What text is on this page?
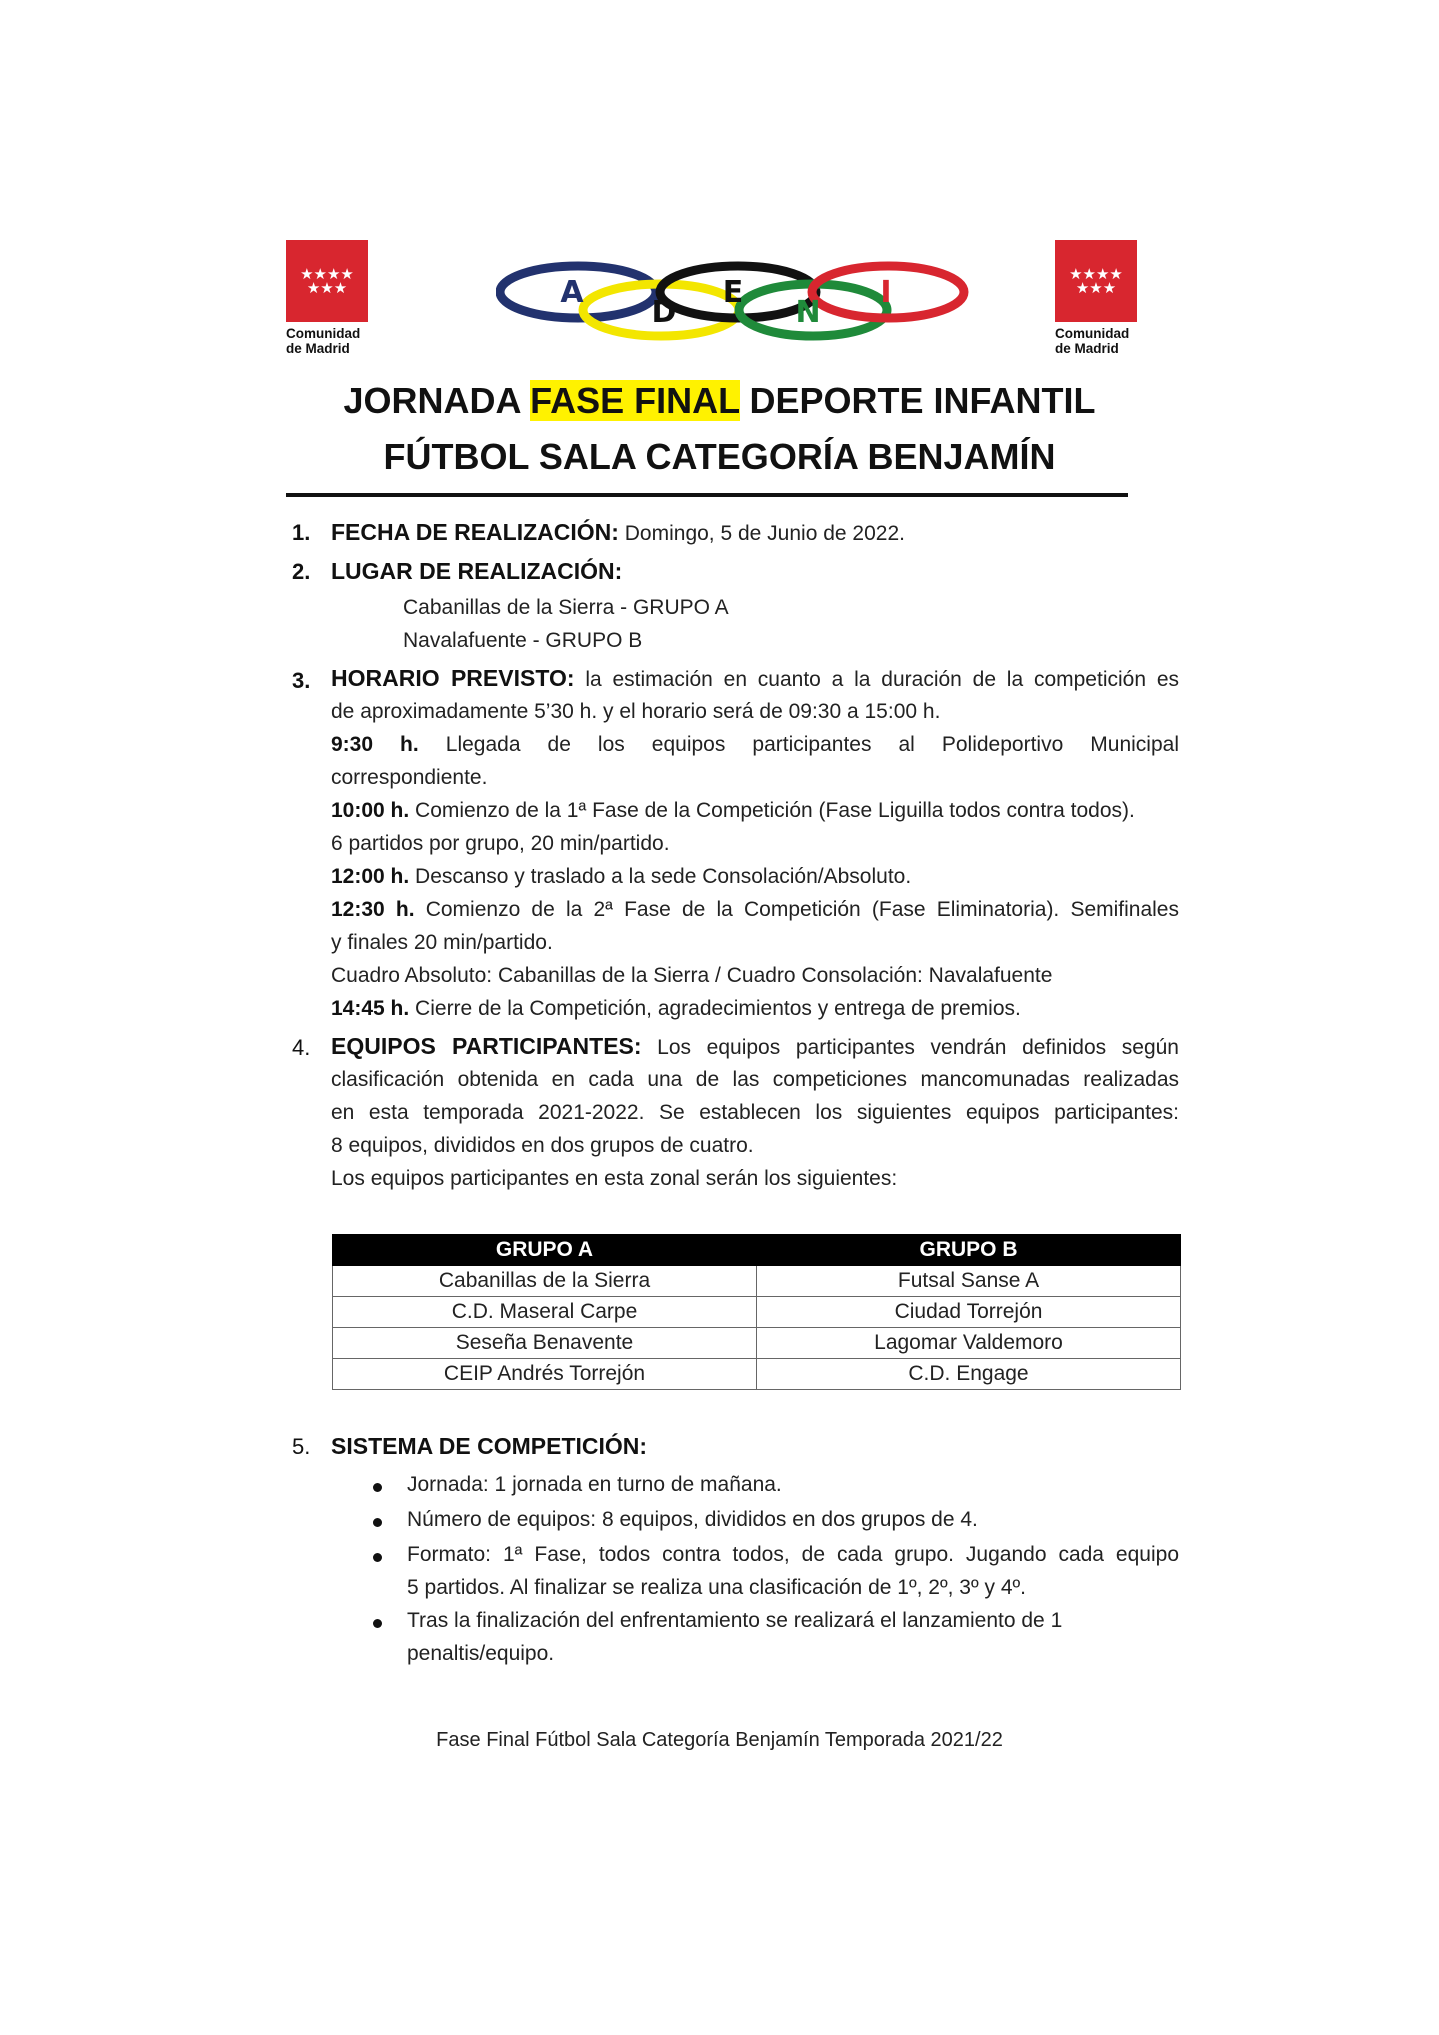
★★★★
★★★
Comunidad
de Madrid
A
D
E
N
I
★★★★
★★★
Comunidad
de Madrid
JORNADA FASE FINAL DEPORTE INFANTIL
FÚTBOL SALA CATEGORÍA BENJAMÍN
1. FECHA DE REALIZACIÓN: Domingo, 5 de Junio de 2022.
2. LUGAR DE REALIZACIÓN:
Cabanillas de la Sierra - GRUPO A
Navalafuente - GRUPO B
3. HORARIO PREVISTO: la estimación en cuanto a la duración de la competición es
de aproximadamente 5’30 h. y el horario será de 09:30 a 15:00 h.
9:30 h. Llegada de los equipos participantes al Polideportivo Municipal
correspondiente.
10:00 h. Comienzo de la 1ª Fase de la Competición (Fase Liguilla todos contra todos).
6 partidos por grupo, 20 min/partido.
12:00 h. Descanso y traslado a la sede Consolación/Absoluto.
12:30 h. Comienzo de la 2ª Fase de la Competición (Fase Eliminatoria). Semifinales
y finales 20 min/partido.
Cuadro Absoluto: Cabanillas de la Sierra / Cuadro Consolación: Navalafuente
14:45 h. Cierre de la Competición, agradecimientos y entrega de premios.
4. EQUIPOS PARTICIPANTES: Los equipos participantes vendrán definidos según
clasificación obtenida en cada una de las competiciones mancomunadas realizadas
en esta temporada 2021-2022. Se establecen los siguientes equipos participantes:
8 equipos, divididos en dos grupos de cuatro.
Los equipos participantes en esta zonal serán los siguientes:
GRUPO A	GRUPO B
Cabanillas de la Sierra	Futsal Sanse A
C.D. Maseral Carpe	Ciudad Torrejón
Seseña Benavente	Lagomar Valdemoro
CEIP Andrés Torrejón	C.D. Engage
5. SISTEMA DE COMPETICIÓN:
Jornada: 1 jornada en turno de mañana.
Número de equipos: 8 equipos, divididos en dos grupos de 4.
Formato: 1ª Fase, todos contra todos, de cada grupo. Jugando cada equipo
5 partidos. Al finalizar se realiza una clasificación de 1º, 2º, 3º y 4º.
Tras la finalización del enfrentamiento se realizará el lanzamiento de 1
penaltis/equipo.
Fase Final Fútbol Sala Categoría Benjamín Temporada 2021/22
